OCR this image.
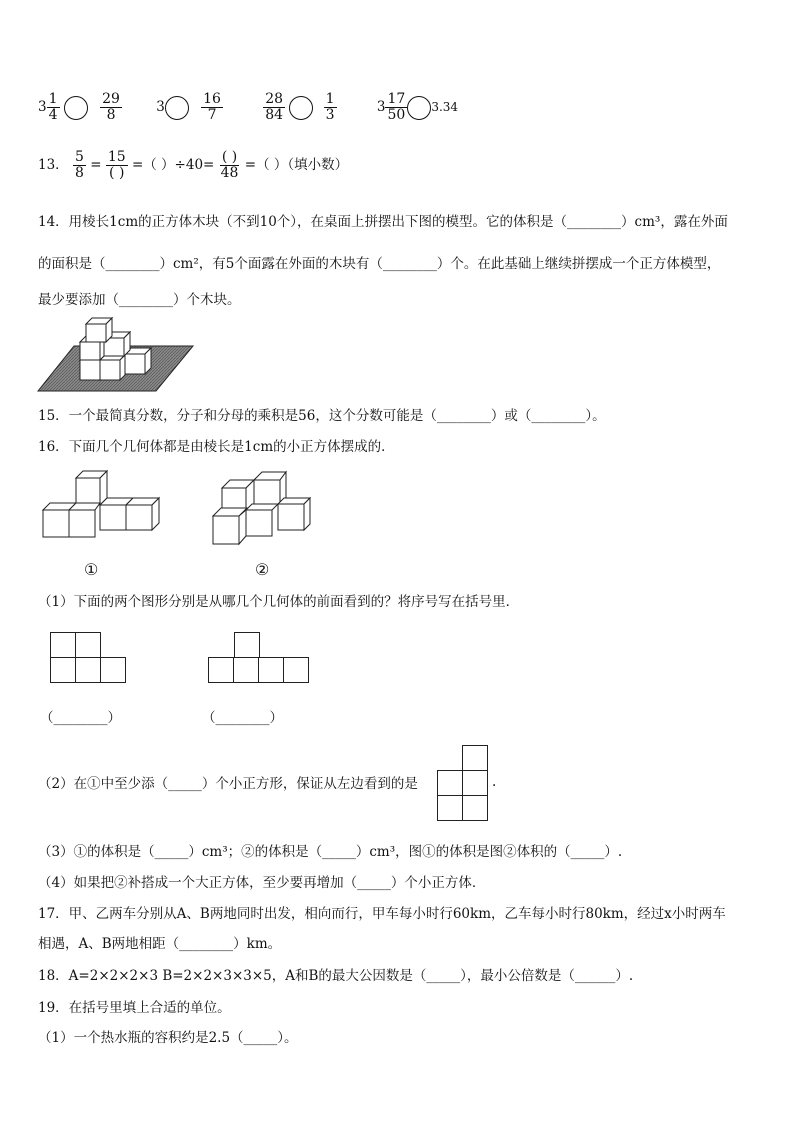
$3 \frac{1}{4}$
	$\frac{29}{8}$	3	$\frac{16}{7}$
	$\frac{28}{84}$
	$\frac{1}{3}$	$3 \frac{17}{50} 3.34$
13． $\frac{5}{8} = \frac{15}{( )}$ =（ ）$\div 40= \frac{( )}{48}$ =（ ）（填小数）
14．用棱长1cm的正方体木块（不到10个），在桌面上拼摆出下图的模型。它的体积是（________）cm³，露在外面
的面积是（________）cm²，有5个面露在外面的木块有（________）个。在此基础上继续拼摆成一个正方体模型，
最少要添加（________）个木块。
15．一个最简真分数，分子和分母的乘积是56，这个分数可能是（________）或（________）。
16．下面几个几何体都是由棱长是1cm的小正方体摆成的．
①	②
（1）下面的两个图形分别是从哪几个几何体的前面看到的？将序号写在括号里．
（________）	（________）
（2）在①中至少添（_____）个小正方形，保证从左边看到的是	.
（3）①的体积是（_____）cm³；②的体积是（_____）cm³，图①的体积是图②体积的（_____）.
（4）如果把②补搭成一个大正方体，至少要再增加（_____）个小正方体．
17．甲、乙两车分别从A、B两地同时出发，相向而行，甲车每小时行60km，乙车每小时行80km，经过x小时两车
相遇，A、B两地相距（________）km。
18．A=2×2×2×3 B=2×2×3×3×5，A和B的最大公因数是（_____），最小公倍数是（______）.
19．在括号里填上合适的单位。
（1）一个热水瓶的容积约是2.5（_____）。
